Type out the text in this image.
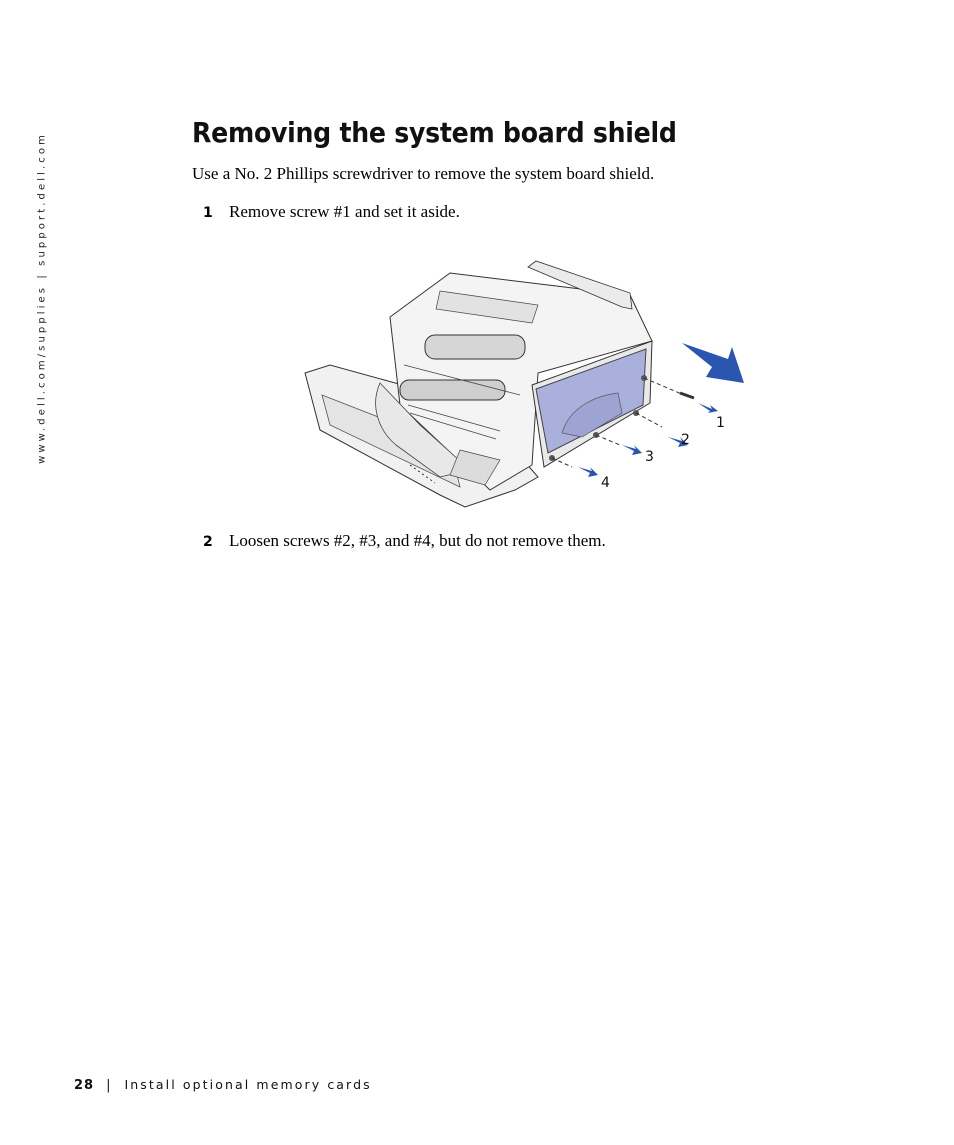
www.dell.com/supplies | support.dell.com	Removing the system board shield
Use a No. 2 Phillips screwdriver to remove the system board shield.
1 Remove screw #1 and set it aside.
1
2
3
4
2 Loosen screws #2, #3, and #4, but do not remove them.
28 | Install optional memory cards
